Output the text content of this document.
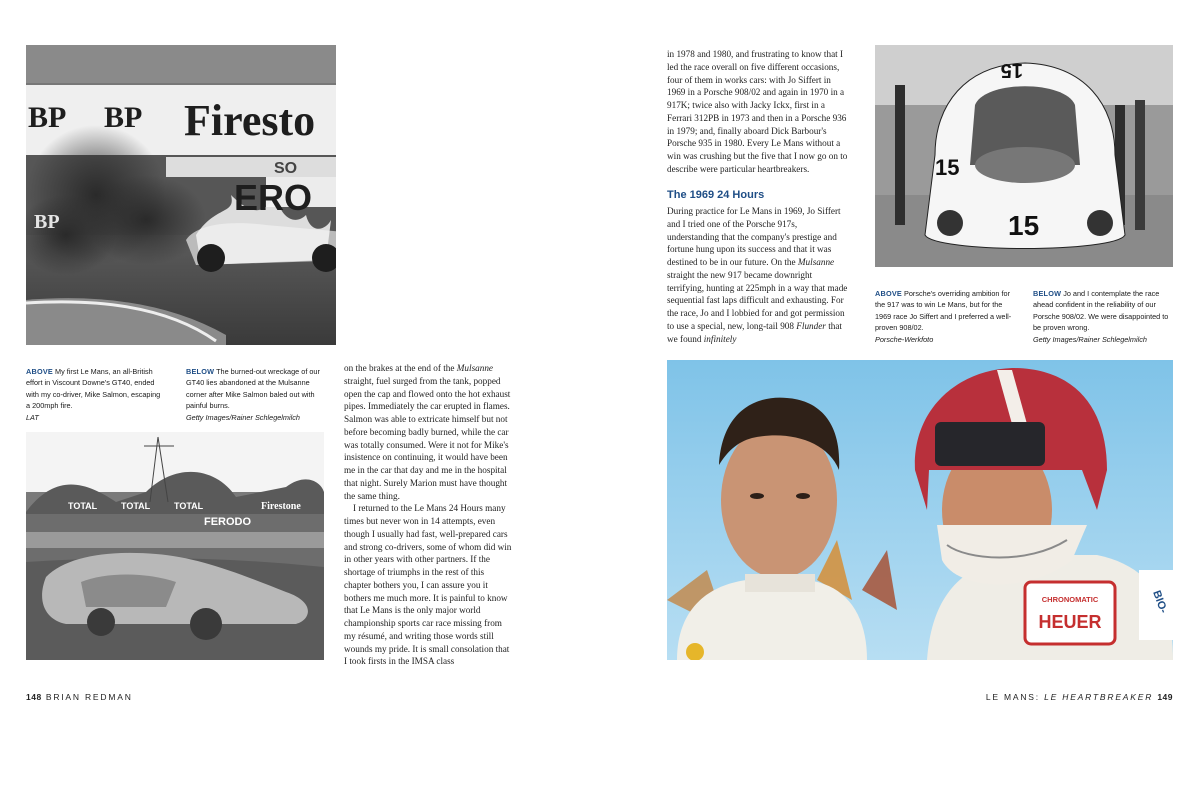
BP BP Firesto
BP
SO
ERO
ABOVE My first Le Mans, an all-British effort in Viscount Downe's GT40, ended with my co-driver, Mike Salmon, escaping a 200mph fire.
LAT
BELOW The burned-out wreckage of our GT40 lies abandoned at the Mulsanne corner after Mike Salmon baled out with painful burns.
Getty Images/Rainer Schlegelmilch
TOTAL	TOTAL	TOTAL	Firestone
FERODO

on the brakes at the end of the Mulsanne straight, fuel surged from the tank, popped open the cap and flowed onto the hot exhaust pipes. Immediately the car erupted in flames. Salmon was able to extricate himself but not before becoming badly burned, while the car was totally consumed. Were it not for Mike's insistence on continuing, it would have been me in the car that day and me in the hospital that night. Surely Marion must have thought the same thing.

I returned to the Le Mans 24 Hours many times but never won in 14 attempts, even though I usually had fast, well-prepared cars and strong co-drivers, some of whom did win in other years with other partners. If the shortage of triumphs in the rest of this chapter bothers you, I can assure you it bothers me much more. It is painful to know that Le Mans is the only major world championship sports car race missing from my résumé, and writing those words still wounds my pride. It is small consolation that I took firsts in the IMSA class

148 BRIAN REDMAN

in 1978 and 1980, and frustrating to know that I led the race overall on five different occasions, four of them in works cars: with Jo Siffert in 1969 in a Porsche 908/02 and again in 1970 in a 917K; twice also with Jacky Ickx, first in a Ferrari 312PB in 1973 and then in a Porsche 936 in 1979; and, finally aboard Dick Barbour's Porsche 935 in 1980. Every Le Mans without a win was crushing but the five that I now go on to describe were particular heartbreakers.

The 1969 24 Hours

During practice for Le Mans in 1969, Jo Siffert and I tried one of the Porsche 917s, understanding that the company's prestige and fortune hung upon its success and that it was destined to be in our future. On the Mulsanne straight the new 917 became downright terrifying, hunting at 225mph in a way that made sequential fast laps difficult and exhausting. For the race, Jo and I lobbied for and got permission to use a special, new, long-tail 908 Flunder that we found infinitely

15
15
15
ABOVE Porsche's overriding ambition for the 917 was to win Le Mans, but for the 1969 race Jo Siffert and I preferred a well-proven 908/02.
Porsche-Werkfoto
BELOW Jo and I contemplate the race ahead confident in the reliability of our Porsche 908/02. We were disappointed to be proven wrong.
Getty Images/Rainer Schlegelmilch
CHRONOMATIC
HEUER
BIO-
LE MANS: LE HEARTBREAKER 149
